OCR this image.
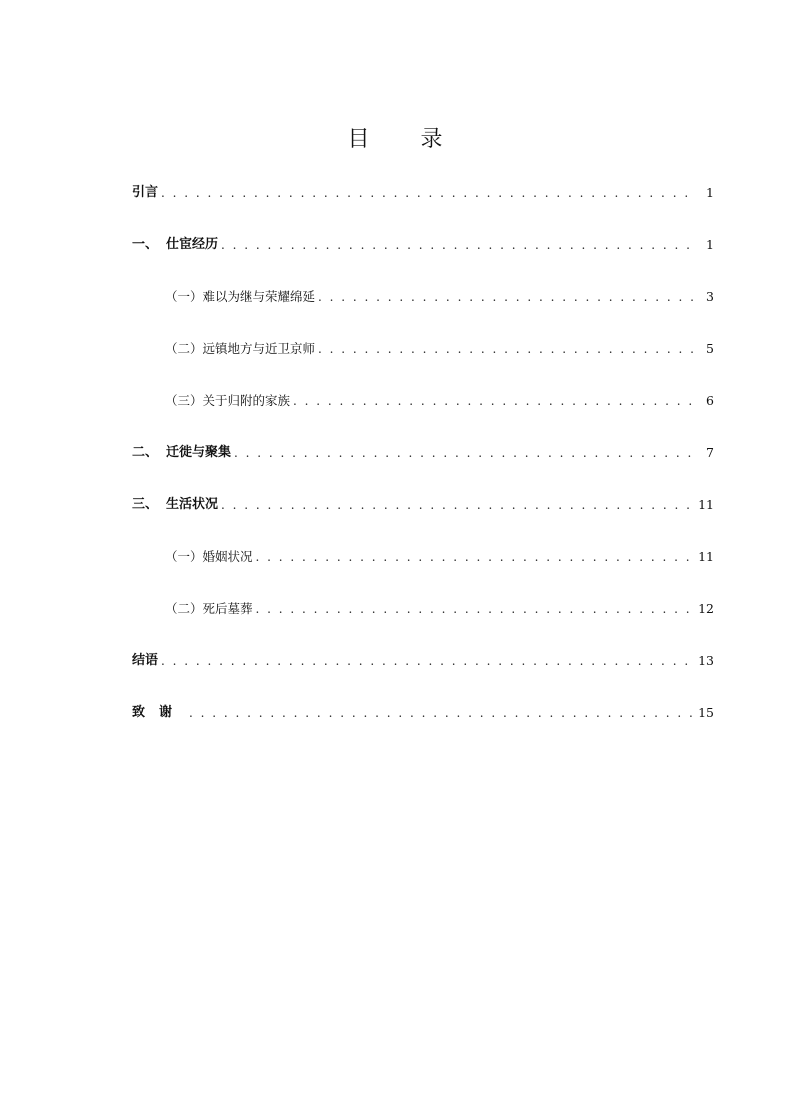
目 录
引言 . . .	1
一、 仕宦经历 . . .	1
（一）难以为继与荣耀绵延 . . .	3
（二）远镇地方与近卫京师 . . .	5
（三）关于归附的家族 . . .	6
二、 迁徙与聚集 . . .	7
三、 生活状况 . . .	11
（一）婚姻状况 . . .	11
（二）死后墓葬 . . .	12
结语 . . .	13
致谢 . . .	15
